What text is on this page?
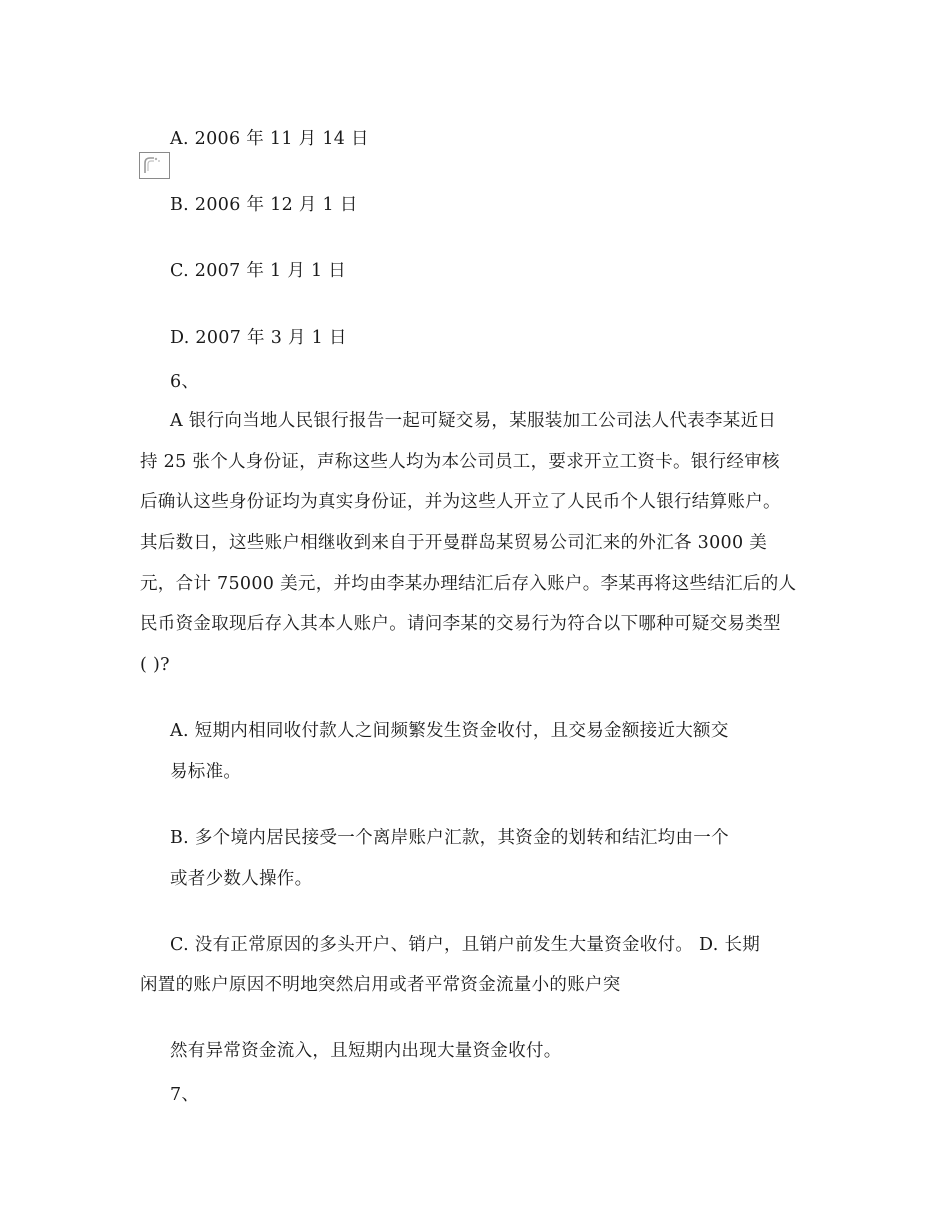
A. 2006 年 11 月 14 日
B. 2006 年 12 月 1 日
C. 2007 年 1 月 1 日
D. 2007 年 3 月 1 日
6、
A 银行向当地人民银行报告一起可疑交易，某服装加工公司法人代表李某近日
持 25 张个人身份证，声称这些人均为本公司员工，要求开立工资卡。银行经审核
后确认这些身份证均为真实身份证，并为这些人开立了人民币个人银行结算账户。
其后数日，这些账户相继收到来自于开曼群岛某贸易公司汇来的外汇各 3000 美
元，合计 75000 美元，并均由李某办理结汇后存入账户。李某再将这些结汇后的人
民币资金取现后存入其本人账户。请问李某的交易行为符合以下哪种可疑交易类型
( )?
A. 短期内相同收付款人之间频繁发生资金收付，且交易金额接近大额交
易标准。
B. 多个境内居民接受一个离岸账户汇款，其资金的划转和结汇均由一个
或者少数人操作。
C. 没有正常原因的多头开户、销户，且销户前发生大量资金收付。 D. 长期
闲置的账户原因不明地突然启用或者平常资金流量小的账户突
然有异常资金流入，且短期内出现大量资金收付。
7、
